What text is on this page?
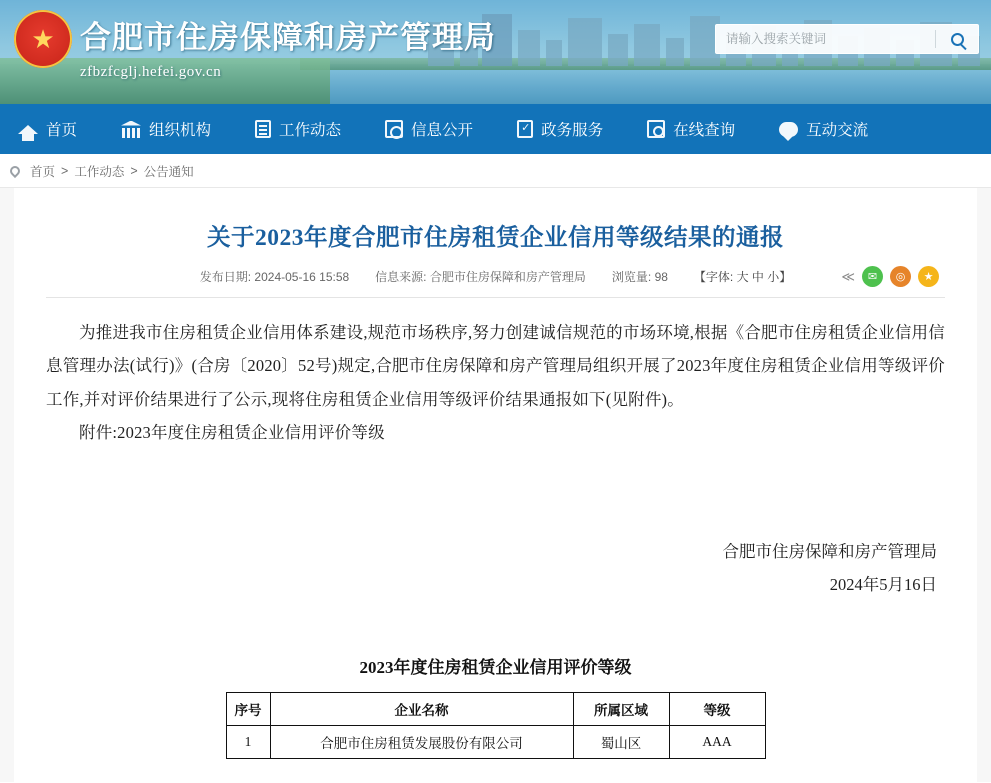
★ 合肥市住房保障和房产管理局
zfbzfcglj.hefei.gov.cn
请输入搜索关键词
首页	组织机构	工作动态	信息公开 ✓	政务服务	在线查询	互动交流
首页 > 工作动态 > 公告通知
关于2023年度合肥市住房租赁企业信用等级结果的通报
发布日期: 2024-05-16 15:58 信息来源: 合肥市住房保障和房产管理局 浏览量: 98 【字体: 大 中 小】	≪	✉	◎	★

为推进我市住房租赁企业信用体系建设,规范市场秩序,努力创建诚信规范的市场环境,根据《合肥市住房租赁企业信用信息管理办法(试行)》(合房〔2020〕52号)规定,合肥市住房保障和房产管理局组织开展了2023年度住房租赁企业信用等级评价工作,并对评价结果进行了公示,现将住房租赁企业信用等级评价结果通报如下(见附件)。

附件:2023年度住房租赁企业信用评价等级

合肥市住房保障和房产管理局
2024年5月16日
2023年度住房租赁企业信用评价等级
序号	企业名称	所属区域	等级
1	合肥市住房租赁发展股份有限公司	蜀山区	AAA
